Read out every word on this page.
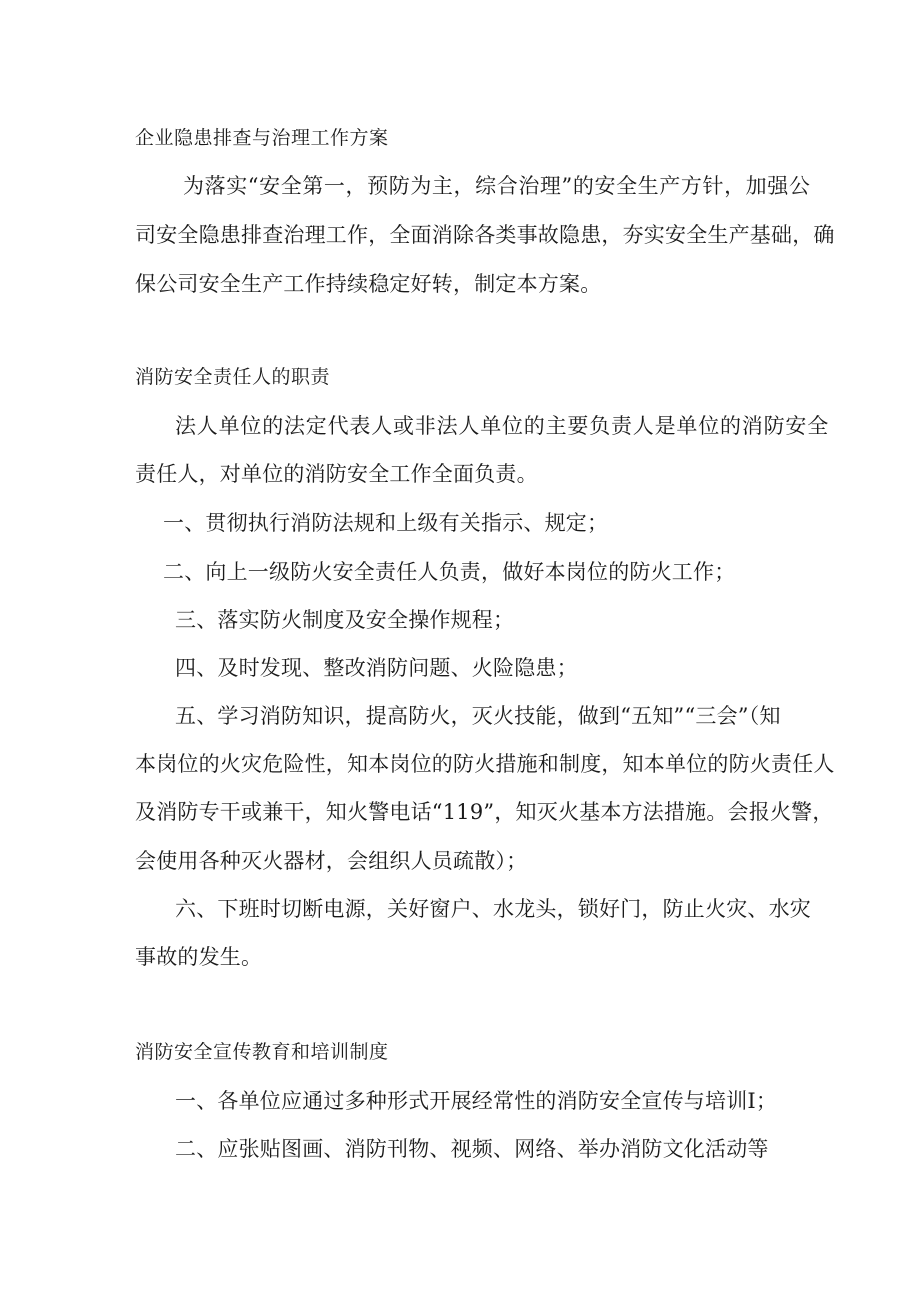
企业隐患排查与治理工作方案
为落实“安全第一，预防为主，综合治理”的安全生产方针，加强公
司安全隐患排查治理工作，全面消除各类事故隐患，夯实安全生产基础，确
保公司安全生产工作持续稳定好转，制定本方案。
消防安全责任人的职责
法人单位的法定代表人或非法人单位的主要负责人是单位的消防安全
责任人，对单位的消防安全工作全面负责。
一、贯彻执行消防法规和上级有关指示、规定；
二、向上一级防火安全责任人负责，做好本岗位的防火工作；
三、落实防火制度及安全操作规程；
四、及时发现、整改消防问题、火险隐患；
五、学习消防知识，提高防火，灭火技能，做到“五知”“三会”（知
本岗位的火灾危险性，知本岗位的防火措施和制度，知本单位的防火责任人
及消防专干或兼干，知火警电话“119”，知灭火基本方法措施。会报火警，
会使用各种灭火器材，会组织人员疏散）；
六、下班时切断电源，关好窗户、水龙头，锁好门，防止火灾、水灾
事故的发生。
消防安全宣传教育和培训制度
一、各单位应通过多种形式开展经常性的消防安全宣传与培训I；
二、应张贴图画、消防刊物、视频、网络、举办消防文化活动等
